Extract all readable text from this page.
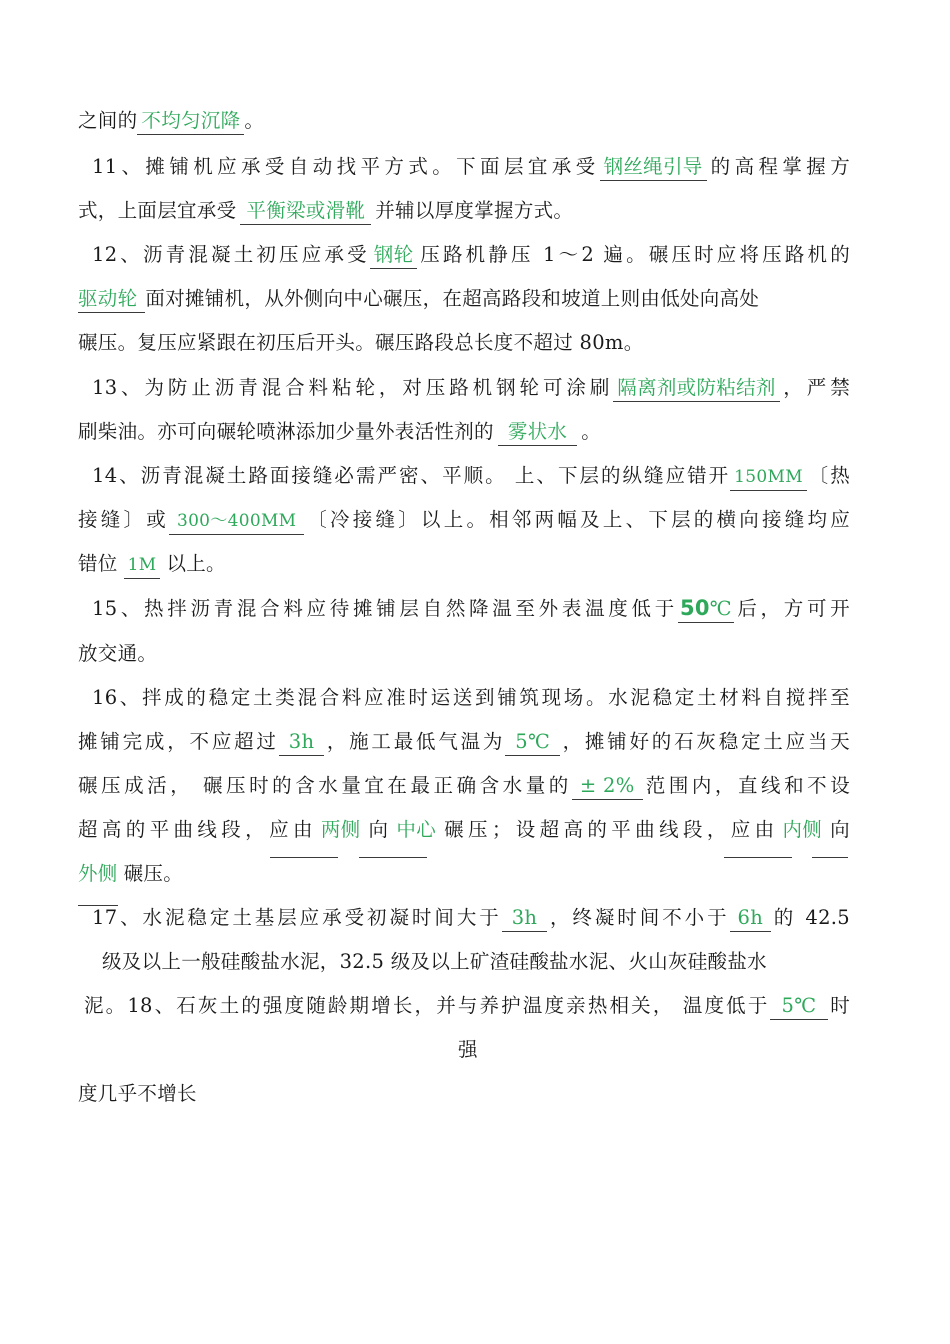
之间的 不均匀沉降 。
11、摊铺机应承受自动找平方式。下面层宜承受 钢丝绳引导 的高程掌握方
式，上面层宜承受 平衡梁或滑靴 并辅以厚度掌握方式。
12、沥青混凝土初压应承受 钢轮 压路机静压 1～2 遍。碾压时应将压路机的
驱动轮 面对摊铺机，从外侧向中心碾压，在超高路段和坡道上则由低处向高处
碾压。复压应紧跟在初压后开头。碾压路段总长度不超过 80m。
13、为防止沥青混合料粘轮，对压路机钢轮可涂刷 隔离剂或防粘结剂 ，严禁
刷柴油。亦可向碾轮喷淋添加少量外表活性剂的 雾状水 。
14、沥青混凝土路面接缝必需严密、平顺。 上、下层的纵缝应错开 150MM 〔热
接缝〕或 300～400MM 〔冷接缝〕以上。相邻两幅及上、下层的横向接缝均应
错位 1M 以上。
15、热拌沥青混合料应待摊铺层自然降温至外表温度低于50℃ 后，方可开
放交通。
16、拌成的稳定土类混合料应准时运送到铺筑现场。水泥稳定土材料自搅拌至
摊铺完成，不应超过 3h ，施工最低气温为 5℃ ，摊铺好的石灰稳定土应当天
碾压成活， 碾压时的含水量宜在最正确含水量的 ± 2% 范围内，直线和不设
超高的平曲线段，应由 两侧 向 中心 碾压；设超高的平曲线段，应由 内侧 向
外侧 碾压。
17、水泥稳定土基层应承受初凝时间大于 3h ，终凝时间不小于 6h 的 42.5
级及以上一般硅酸盐水泥，32.5 级及以上矿渣硅酸盐水泥、火山灰硅酸盐水
泥。18、石灰土的强度随龄期增长，并与养护温度亲热相关， 温度低于 5℃ 时
强
度几乎不增长
